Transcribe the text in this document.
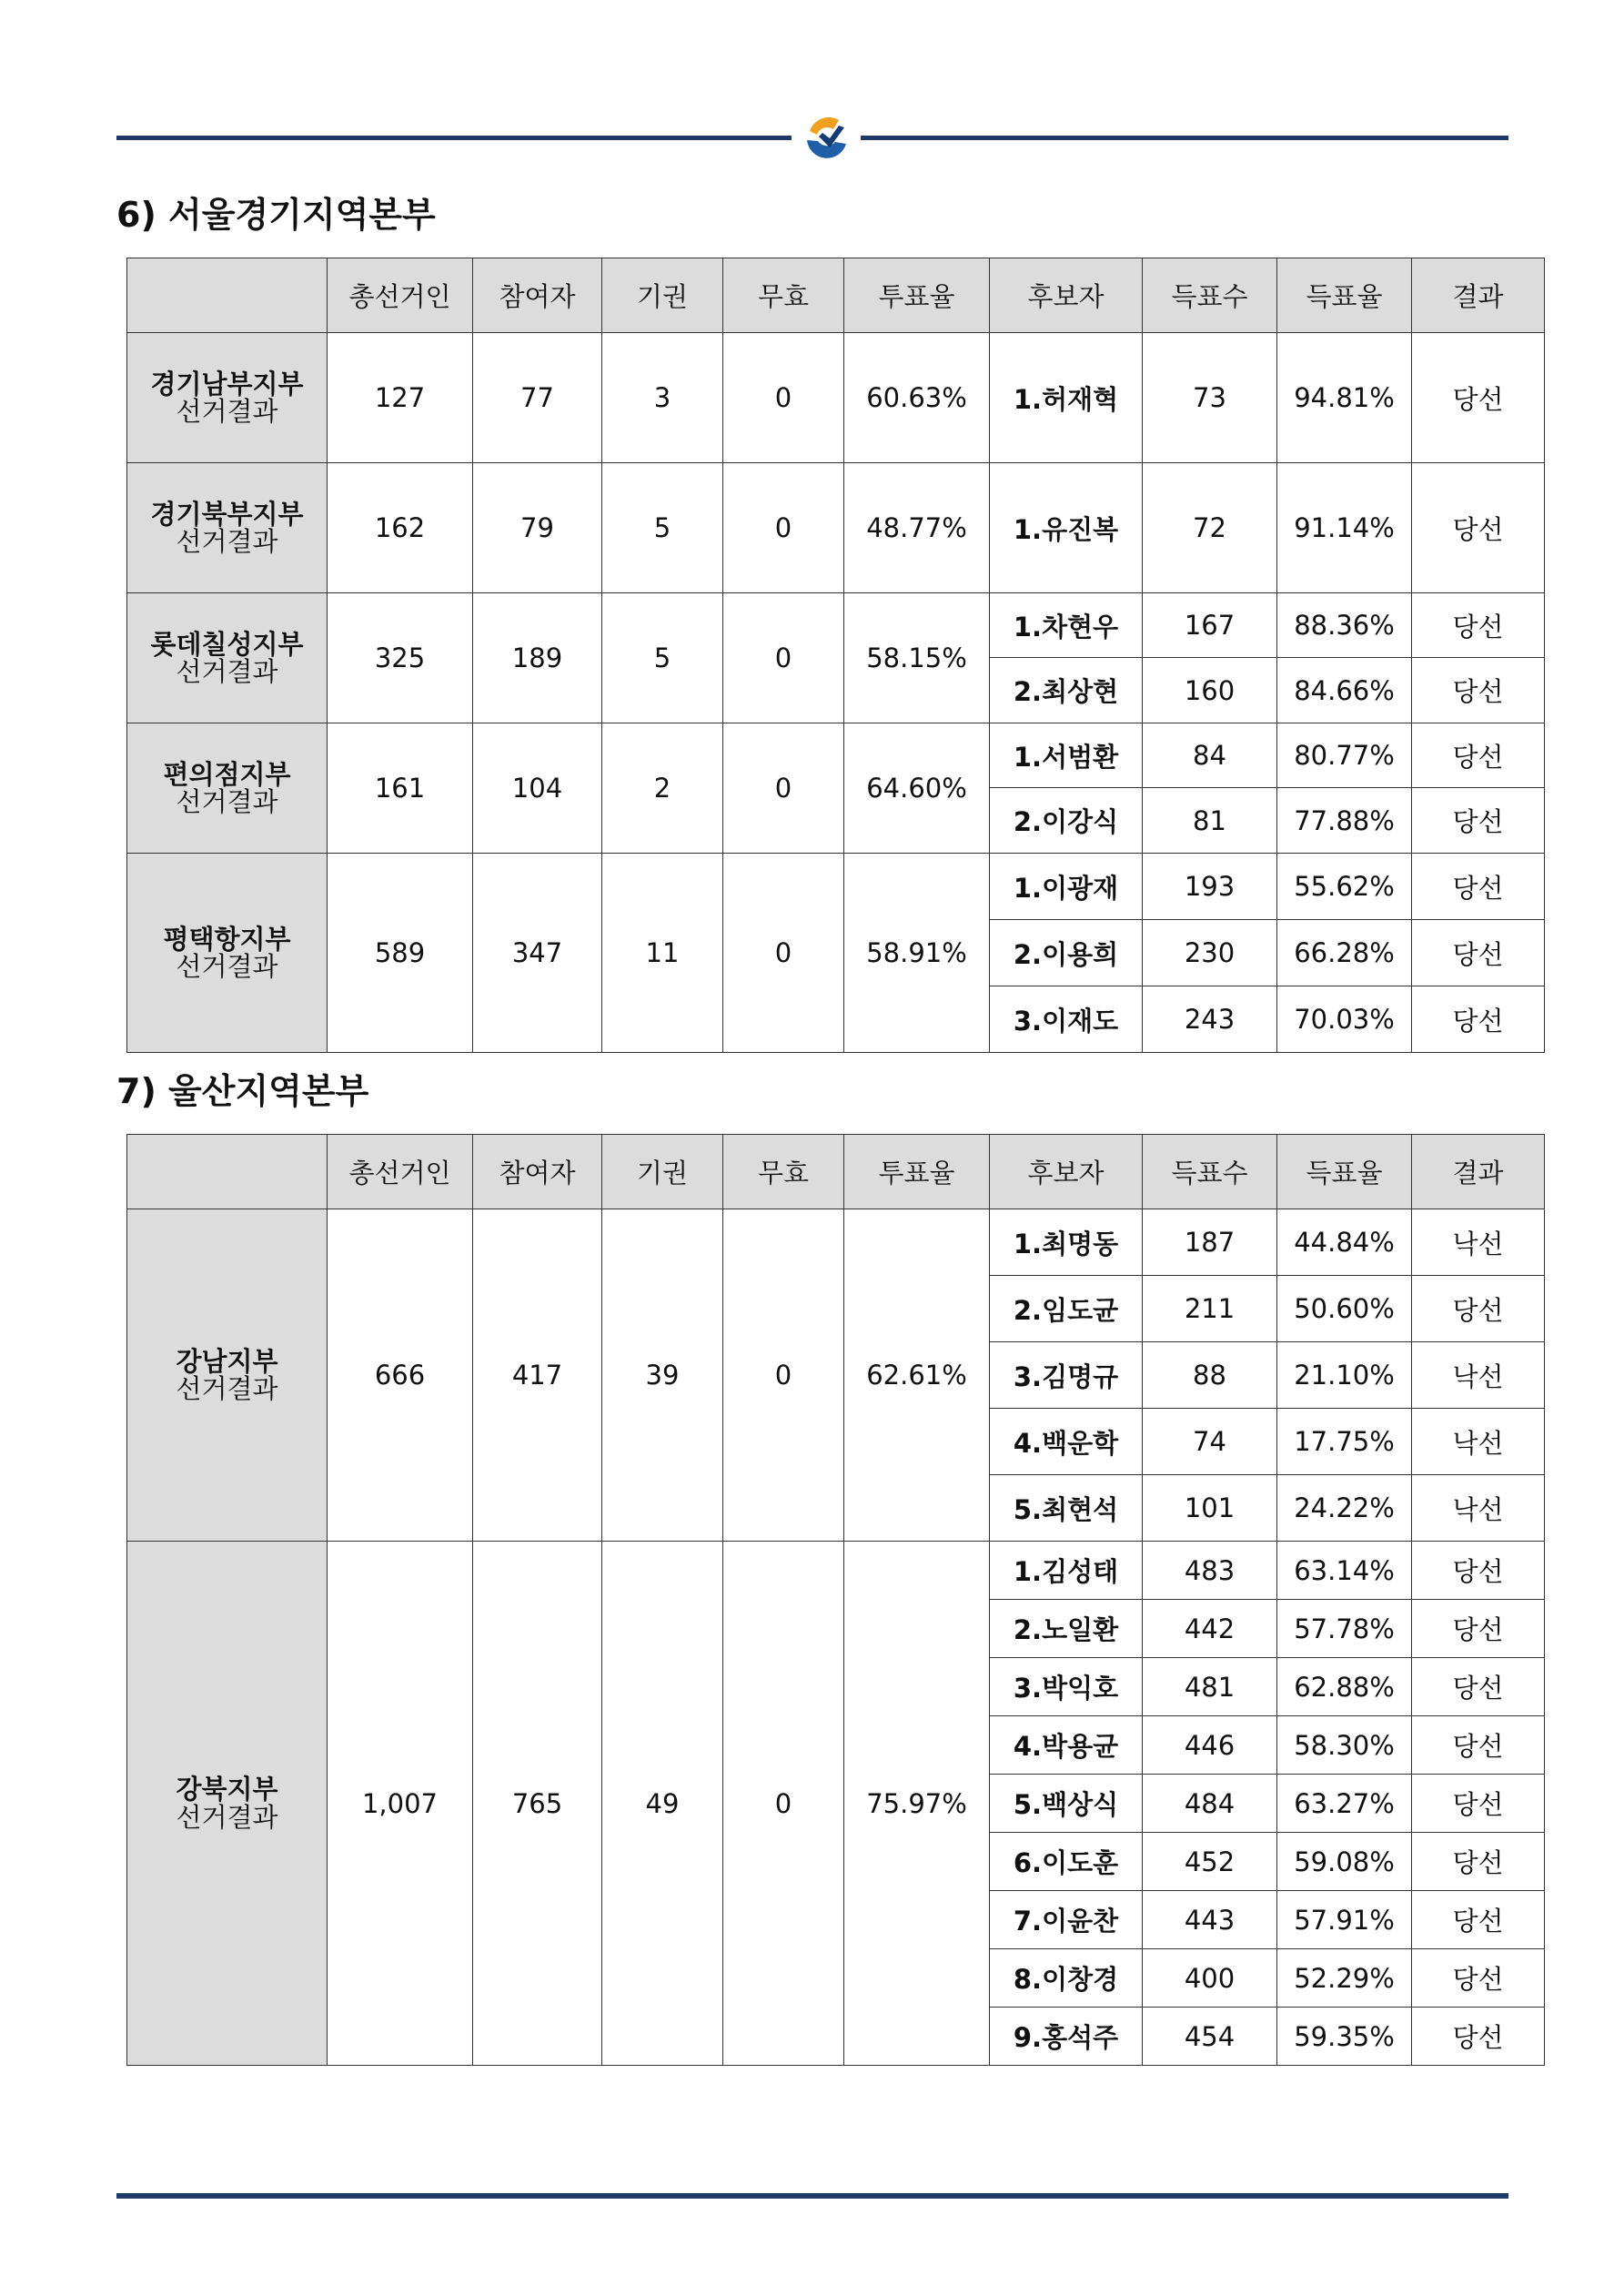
6) 서울경기지역본부
	총선거인	참여자	기권	무효	투표율	후보자	득표수	득표율	결과

경기남부지부
선거결과	127	77	3	0	60.63%	1.허재혁	73	94.81%	당선

경기북부지부
선거결과	162	79	5	0	48.77%	1.유진복	72	91.14%	당선

롯데칠성지부
선거결과	325	189	5	0	58.15%	1.차현우	167	88.36%	당선
						2.최상현	160	84.66%	당선

편의점지부
선거결과	161	104	2	0	64.60%	1.서범환	84	80.77%	당선
						2.이강식	81	77.88%	당선

평택항지부
선거결과	589	347	11	0	58.91%	1.이광재	193	55.62%	당선
						2.이용희	230	66.28%	당선
						3.이재도	243	70.03%	당선
7) 울산지역본부
	총선거인	참여자	기권	무효	투표율	후보자	득표수	득표율	결과

강남지부
선거결과	666	417	39	0	62.61%	1.최명동	187	44.84%	낙선
						2.임도균	211	50.60%	당선
						3.김명규	88	21.10%	낙선
						4.백운학	74	17.75%	낙선
						5.최현석	101	24.22%	낙선

강북지부
선거결과	1,007	765	49	0	75.97%	1.김성태	483	63.14%	당선
						2.노일환	442	57.78%	당선
						3.박익호	481	62.88%	당선
						4.박용균	446	58.30%	당선
						5.백상식	484	63.27%	당선
						6.이도훈	452	59.08%	당선
						7.이윤찬	443	57.91%	당선
						8.이창경	400	52.29%	당선
						9.홍석주	454	59.35%	당선
